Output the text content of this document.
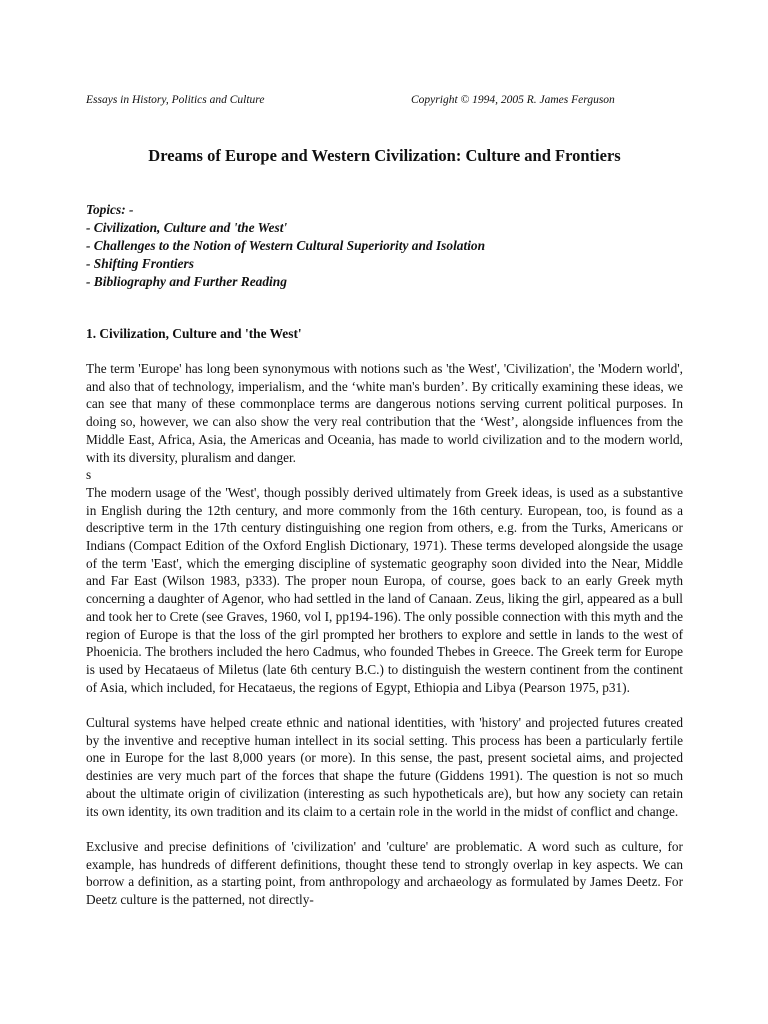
Essays in History, Politics and Culture	Copyright © 1994, 2005 R. James Ferguson
Dreams of Europe and Western Civilization: Culture and Frontiers
Topics: -
- Civilization, Culture and 'the West'
- Challenges to the Notion of Western Cultural Superiority and Isolation
- Shifting Frontiers
- Bibliography and Further Reading
1. Civilization, Culture and 'the West'

The term 'Europe' has long been synonymous with notions such as 'the West', 'Civilization', the 'Modern world', and also that of technology, imperialism, and the ‘white man's burden’. By critically examining these ideas, we can see that many of these commonplace terms are dangerous notions serving current political purposes. In doing so, however, we can also show the very real contribution that the ‘West’, alongside influences from the Middle East, Africa, Asia, the Americas and Oceania, has made to world civilization and to the modern world, with its diversity, pluralism and danger.

s

The modern usage of the 'West', though possibly derived ultimately from Greek ideas, is used as a substantive in English during the 12th century, and more commonly from the 16th century. European, too, is found as a descriptive term in the 17th century distinguishing one region from others, e.g. from the Turks, Americans or Indians (Compact Edition of the Oxford English Dictionary, 1971). These terms developed alongside the usage of the term 'East', which the emerging discipline of systematic geography soon divided into the Near, Middle and Far East (Wilson 1983, p333). The proper noun Europa, of course, goes back to an early Greek myth concerning a daughter of Agenor, who had settled in the land of Canaan. Zeus, liking the girl, appeared as a bull and took her to Crete (see Graves, 1960, vol I, pp194-196). The only possible connection with this myth and the region of Europe is that the loss of the girl prompted her brothers to explore and settle in lands to the west of Phoenicia. The brothers included the hero Cadmus, who founded Thebes in Greece. The Greek term for Europe is used by Hecataeus of Miletus (late 6th century B.C.) to distinguish the western continent from the continent of Asia, which included, for Hecataeus, the regions of Egypt, Ethiopia and Libya (Pearson 1975, p31).

Cultural systems have helped create ethnic and national identities, with 'history' and projected futures created by the inventive and receptive human intellect in its social setting. This process has been a particularly fertile one in Europe for the last 8,000 years (or more). In this sense, the past, present societal aims, and projected destinies are very much part of the forces that shape the future (Giddens 1991). The question is not so much about the ultimate origin of civilization (interesting as such hypotheticals are), but how any society can retain its own identity, its own tradition and its claim to a certain role in the world in the midst of conflict and change.

Exclusive and precise definitions of 'civilization' and 'culture' are problematic. A word such as culture, for example, has hundreds of different definitions, thought these tend to strongly overlap in key aspects. We can borrow a definition, as a starting point, from anthropology and archaeology as formulated by James Deetz. For Deetz culture is the patterned, not directly-
